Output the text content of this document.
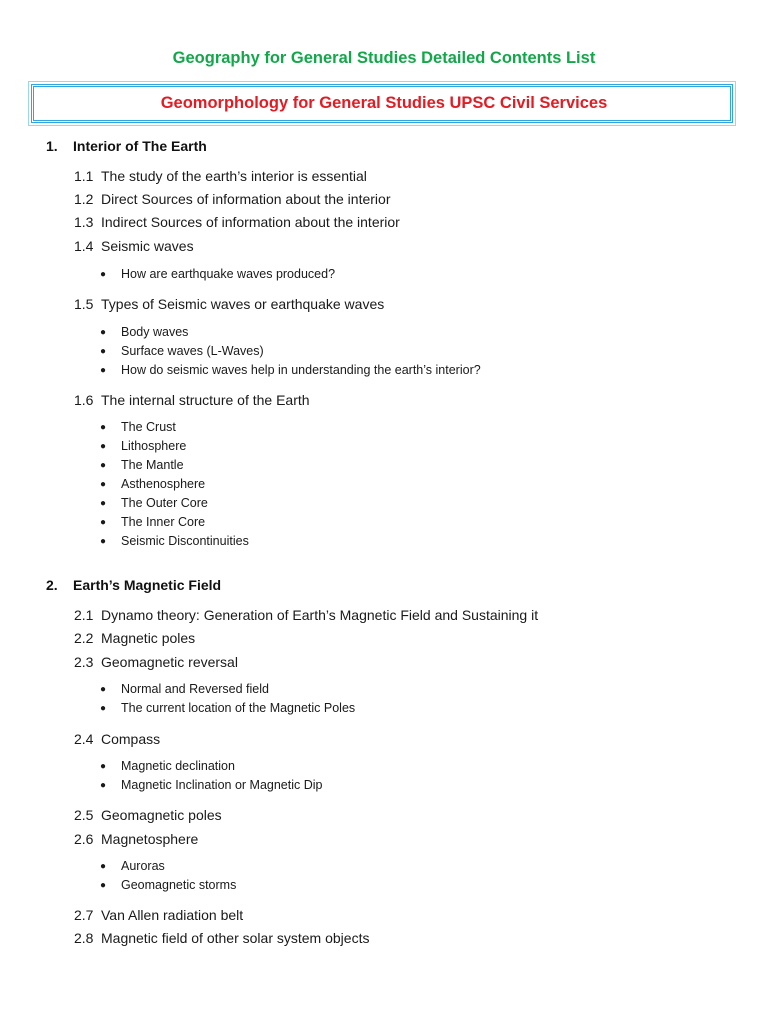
Geography for General Studies Detailed Contents List
Geomorphology for General Studies UPSC Civil Services
1. Interior of The Earth
1.1 The study of the earth’s interior is essential
1.2 Direct Sources of information about the interior
1.3 Indirect Sources of information about the interior
1.4 Seismic waves
● How are earthquake waves produced?
1.5 Types of Seismic waves or earthquake waves
● Body waves
● Surface waves (L-Waves)
● How do seismic waves help in understanding the earth’s interior?
1.6 The internal structure of the Earth
● The Crust
● Lithosphere
● The Mantle
● Asthenosphere
● The Outer Core
● The Inner Core
● Seismic Discontinuities
2. Earth’s Magnetic Field
2.1 Dynamo theory: Generation of Earth’s Magnetic Field and Sustaining it
2.2 Magnetic poles
2.3 Geomagnetic reversal
● Normal and Reversed field
● The current location of the Magnetic Poles
2.4 Compass
● Magnetic declination
● Magnetic Inclination or Magnetic Dip
2.5 Geomagnetic poles
2.6 Magnetosphere
● Auroras
● Geomagnetic storms
2.7 Van Allen radiation belt
2.8 Magnetic field of other solar system objects
